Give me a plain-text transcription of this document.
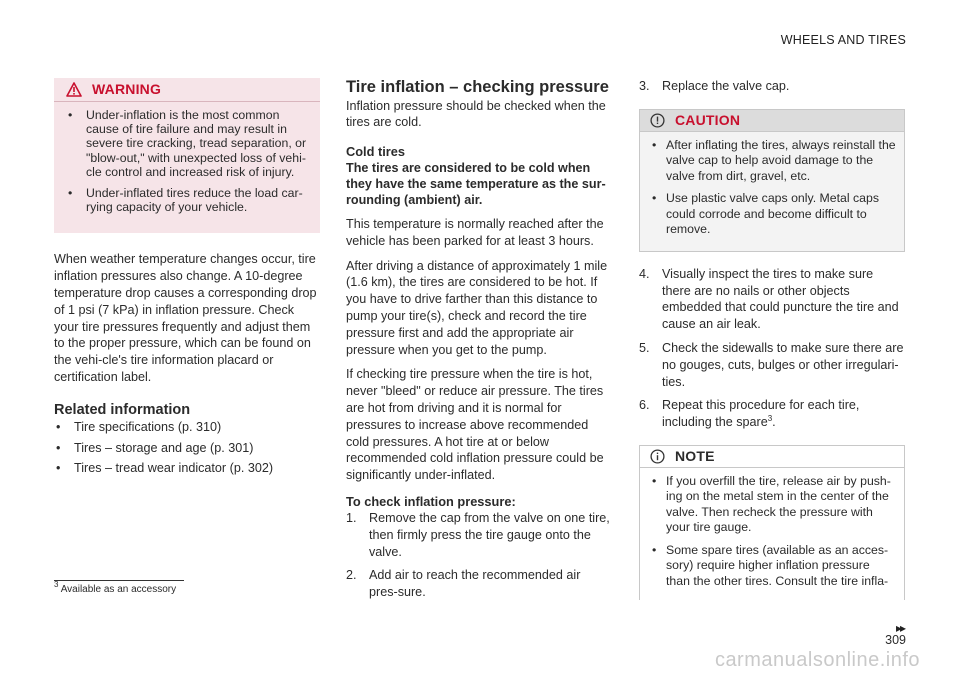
WHEELS AND TIRES
WARNING
• Under-inflation is the most common cause of tire failure and may result in severe tire cracking, tread separation, or "blow-out," with unexpected loss of vehi-cle control and increased risk of injury.
• Under-inflated tires reduce the load car-rying capacity of your vehicle.

When weather temperature changes occur, tire inflation pressures also change. A 10-degree temperature drop causes a corresponding drop of 1 psi (7 kPa) in inflation pressure. Check your tire pressures frequently and adjust them to the proper pressure, which can be found on the vehi-cle's tire information placard or certification label.

Related information
• Tire specifications (p. 310)
• Tires – storage and age (p. 301)
• Tires – tread wear indicator (p. 302)
Tire inflation – checking pressure

Inflation pressure should be checked when the tires are cold.

Cold tires

The tires are considered to be cold when they have the same temperature as the sur-rounding (ambient) air.

This temperature is normally reached after the vehicle has been parked for at least 3 hours.

After driving a distance of approximately 1 mile (1.6 km), the tires are considered to be hot. If you have to drive farther than this distance to pump your tire(s), check and record the tire pressure first and add the appropriate air pressure when you get to the pump.

If checking tire pressure when the tire is hot, never "bleed" or reduce air pressure. The tires are hot from driving and it is normal for pressures to increase above recommended cold pressures. A hot tire at or below recommended cold inflation pressure could be significantly under-inflated.

To check inflation pressure:
1. Remove the cap from the valve on one tire, then firmly press the tire gauge onto the valve.
2. Add air to reach the recommended air pres-sure.
3. Replace the valve cap.
CAUTION
• After inflating the tires, always reinstall the valve cap to help avoid damage to the valve from dirt, gravel, etc.
• Use plastic valve caps only. Metal caps could corrode and become difficult to remove.
4. Visually inspect the tires to make sure there are no nails or other objects embedded that could puncture the tire and cause an air leak.
5. Check the sidewalls to make sure there are no gouges, cuts, bulges or other irregulari-ties.
6. Repeat this procedure for each tire, including the spare$^3$.
NOTE
• If you overfill the tire, release air by push-ing on the metal stem in the center of the valve. Then recheck the pressure with your tire gauge.
• Some spare tires (available as an acces-sory) require higher inflation pressure than the other tires. Consult the tire infla-
$^3$ Available as an accessory
▸▸
309
carmanualsonline.info
